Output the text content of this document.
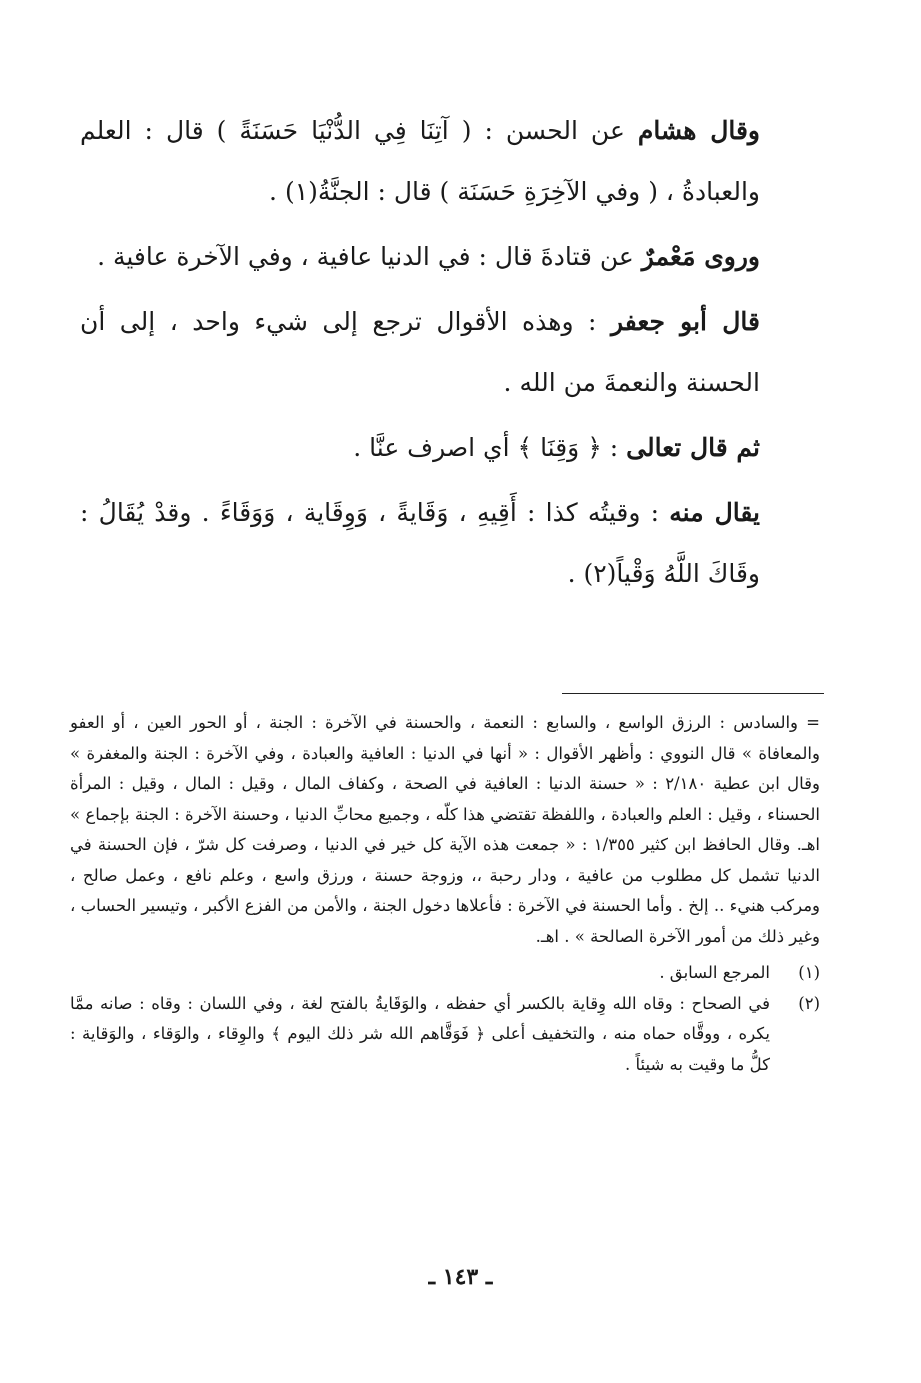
وقال هشام عن الحسن : ( آتِنَا فِي الدُّنْيَا حَسَنَةً ) قال : العلم والعبادةُ ، ( وفي الآخِرَةِ حَسَنَة ) قال : الجنَّةُ(١) .

وروى مَعْمرٌ عن قتادةَ قال : في الدنيا عافية ، وفي الآخرة عافية .

قال أبو جعفر : وهذه الأقوال ترجع إلى شيء واحد ، إلى أن الحسنة والنعمةَ من الله .

ثم قال تعالى : ﴿ وَقِنَا ﴾ أي اصرف عنَّا .

يقال منه : وقيتُه كذا : أَقِيهِ ، وَقَايةً ، وَوِقَاية ، وَوَقَاءً . وقدْ يُقَالُ : وقَاكَ اللَّهُ وَقْياً(٢) .

= والسادس : الرزق الواسع ، والسابع : النعمة ، والحسنة في الآخرة : الجنة ، أو الحور العين ، أو العفو والمعافاة » قال النووي : وأظهر الأقوال : « أنها في الدنيا : العافية والعبادة ، وفي الآخرة : الجنة والمغفرة » وقال ابن عطية ٢/١٨٠ : « حسنة الدنيا : العافية في الصحة ، وكفاف المال ، وقيل : المال ، وقيل : المرأة الحسناء ، وقيل : العلم والعبادة ، واللفظة تقتضي هذا كلّه ، وجميع محابِّ الدنيا ، وحسنة الآخرة : الجنة بإجماع » اهـ. وقال الحافظ ابن كثير ١/٣٥٥ : « جمعت هذه الآية كل خير في الدنيا ، وصرفت كل شرّ ، فإن الحسنة في الدنيا تشمل كل مطلوب من عافية ، ودار رحبة ،، وزوجة حسنة ، ورزق واسع ، وعلم نافع ، وعمل صالح ، ومركب هنيء .. إلخ . وأما الحسنة في الآخرة : فأعلاها دخول الجنة ، والأمن من الفزع الأكبر ، وتيسير الحساب ، وغير ذلك من أمور الآخرة الصالحة » . اهـ.

(١)
المرجع السابق .
(٢)
في الصحاح : وقاه الله وِقاية بالكسر أي حفظه ، والوَقَايةُ بالفتح لغة ، وفي اللسان : وقاه : صانه ممَّا يكره ، ووقَّاه حماه منه ، والتخفيف أعلى ﴿ فَوَقَّاهم الله شر ذلك اليوم ﴾ والوِقاء ، والوَقاء ، والوَقاية : كلُّ ما وقيت به شيئاً .
ـ ١٤٣ ـ
